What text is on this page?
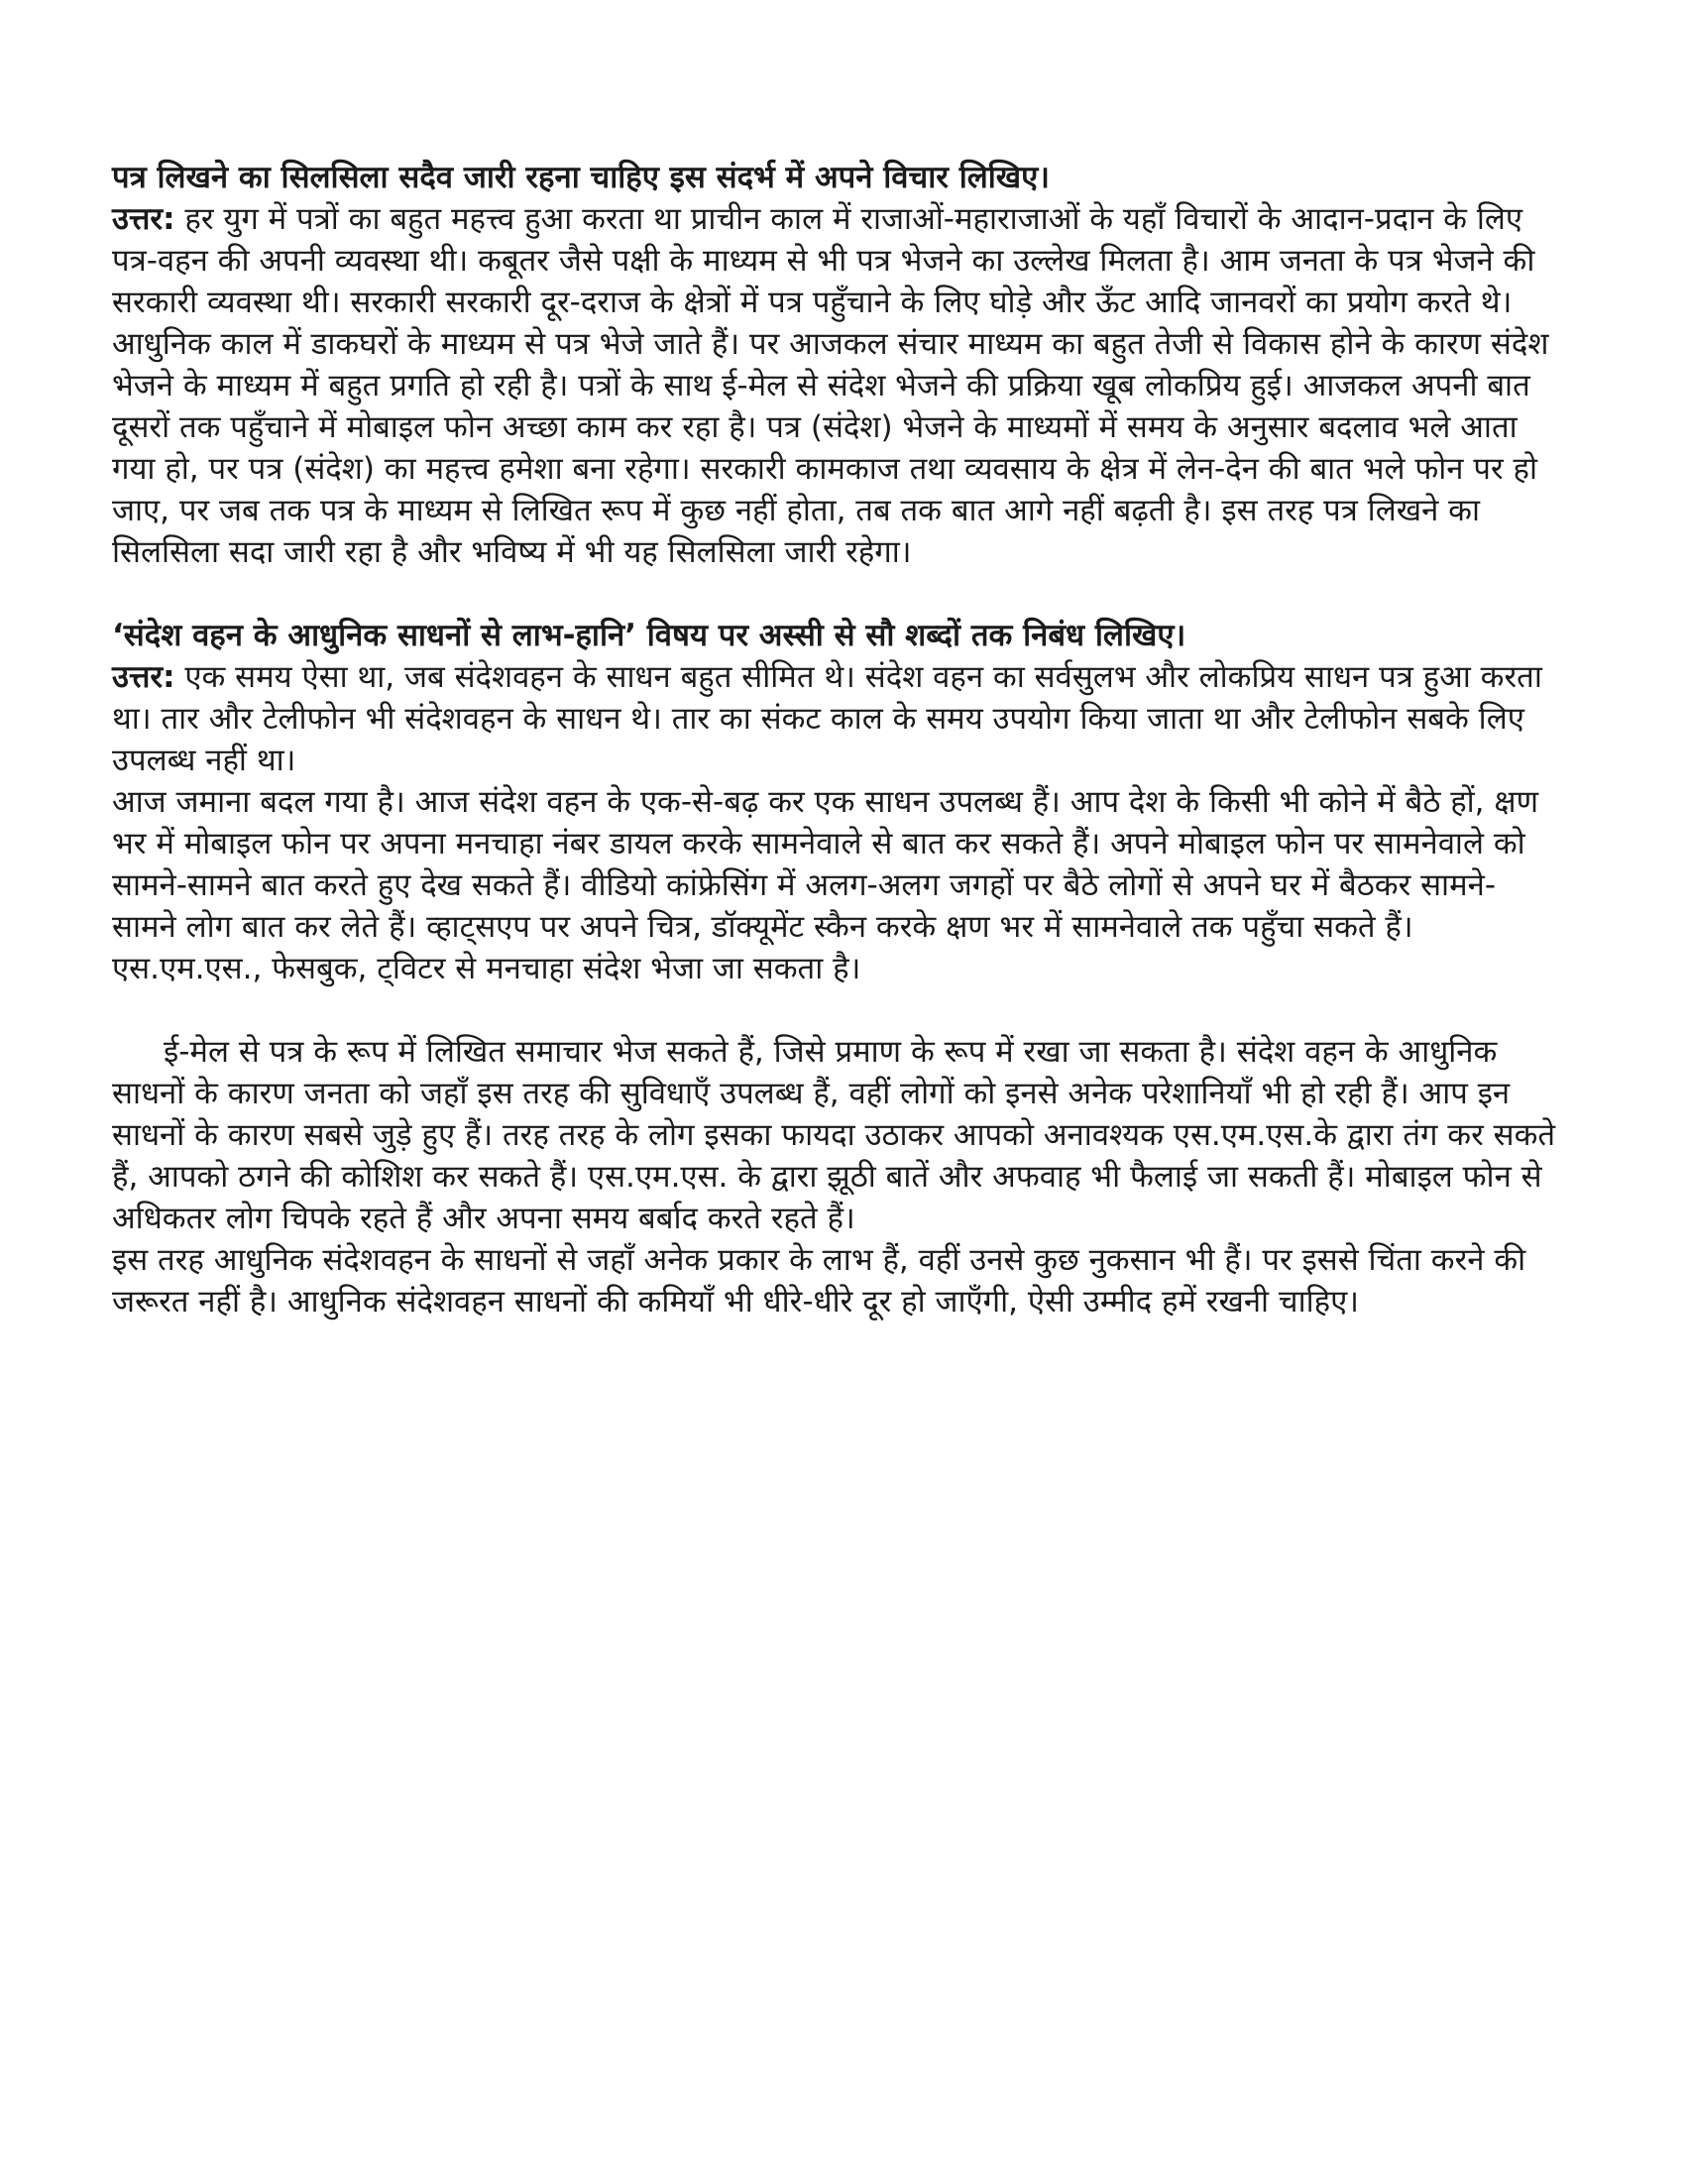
पत्र लिखने का सिलसिला सदैव जारी रहना चाहिए इस संदर्भ में अपने विचार लिखिए।

उत्तर: हर युग में पत्रों का बहुत महत्त्व हुआ करता था प्राचीन काल में राजाओं-महाराजाओं के यहाँ विचारों के आदान-प्रदान के लिए पत्र-वहन की अपनी व्यवस्था थी। कबूतर जैसे पक्षी के माध्यम से भी पत्र भेजने का उल्लेख मिलता है। आम जनता के पत्र भेजने की सरकारी व्यवस्था थी। सरकारी सरकारी दूर-दराज के क्षेत्रों में पत्र पहुँचाने के लिए घोड़े और ऊँट आदि जानवरों का प्रयोग करते थे। आधुनिक काल में डाकघरों के माध्यम से पत्र भेजे जाते हैं। पर आजकल संचार माध्यम का बहुत तेजी से विकास होने के कारण संदेश भेजने के माध्यम में बहुत प्रगति हो रही है। पत्रों के साथ ई-मेल से संदेश भेजने की प्रक्रिया खूब लोकप्रिय हुई। आजकल अपनी बात दूसरों तक पहुँचाने में मोबाइल फोन अच्छा काम कर रहा है। पत्र (संदेश) भेजने के माध्यमों में समय के अनुसार बदलाव भले आता गया हो, पर पत्र (संदेश) का महत्त्व हमेशा बना रहेगा। सरकारी कामकाज तथा व्यवसाय के क्षेत्र में लेन-देन की बात भले फोन पर हो जाए, पर जब तक पत्र के माध्यम से लिखित रूप में कुछ नहीं होता, तब तक बात आगे नहीं बढ़ती है। इस तरह पत्र लिखने का सिलसिला सदा जारी रहा है और भविष्य में भी यह सिलसिला जारी रहेगा।

‘संदेश वहन के आधुनिक साधनों से लाभ-हानि’ विषय पर अस्सी से सौ शब्दों तक निबंध लिखिए।

उत्तर: एक समय ऐसा था, जब संदेशवहन के साधन बहुत सीमित थे। संदेश वहन का सर्वसुलभ और लोकप्रिय साधन पत्र हुआ करता था। तार और टेलीफोन भी संदेशवहन के साधन थे। तार का संकट काल के समय उपयोग किया जाता था और टेलीफोन सबके लिए उपलब्ध नहीं था।

आज जमाना बदल गया है। आज संदेश वहन के एक-से-बढ़ कर एक साधन उपलब्ध हैं। आप देश के किसी भी कोने में बैठे हों, क्षण भर में मोबाइल फोन पर अपना मनचाहा नंबर डायल करके सामनेवाले से बात कर सकते हैं। अपने मोबाइल फोन पर सामनेवाले को सामने-सामने बात करते हुए देख सकते हैं। वीडियो कांफ्रेसिंग में अलग-अलग जगहों पर बैठे लोगों से अपने घर में बैठकर सामने-सामने लोग बात कर लेते हैं। व्हाट्सएप पर अपने चित्र, डॉक्यूमेंट स्कैन करके क्षण भर में सामनेवाले तक पहुँचा सकते हैं। एस.एम.एस., फेसबुक, ट्विटर से मनचाहा संदेश भेजा जा सकता है।

ई-मेल से पत्र के रूप में लिखित समाचार भेज सकते हैं, जिसे प्रमाण के रूप में रखा जा सकता है। संदेश वहन के आधुनिक साधनों के कारण जनता को जहाँ इस तरह की सुविधाएँ उपलब्ध हैं, वहीं लोगों को इनसे अनेक परेशानियाँ भी हो रही हैं। आप इन साधनों के कारण सबसे जुड़े हुए हैं। तरह तरह के लोग इसका फायदा उठाकर आपको अनावश्यक एस.एम.एस.के द्वारा तंग कर सकते हैं, आपको ठगने की कोशिश कर सकते हैं। एस.एम.एस. के द्वारा झूठी बातें और अफवाह भी फैलाई जा सकती हैं। मोबाइल फोन से अधिकतर लोग चिपके रहते हैं और अपना समय बर्बाद करते रहते हैं।

इस तरह आधुनिक संदेशवहन के साधनों से जहाँ अनेक प्रकार के लाभ हैं, वहीं उनसे कुछ नुकसान भी हैं। पर इससे चिंता करने की जरूरत नहीं है। आधुनिक संदेशवहन साधनों की कमियाँ भी धीरे-धीरे दूर हो जाएँगी, ऐसी उम्मीद हमें रखनी चाहिए।
